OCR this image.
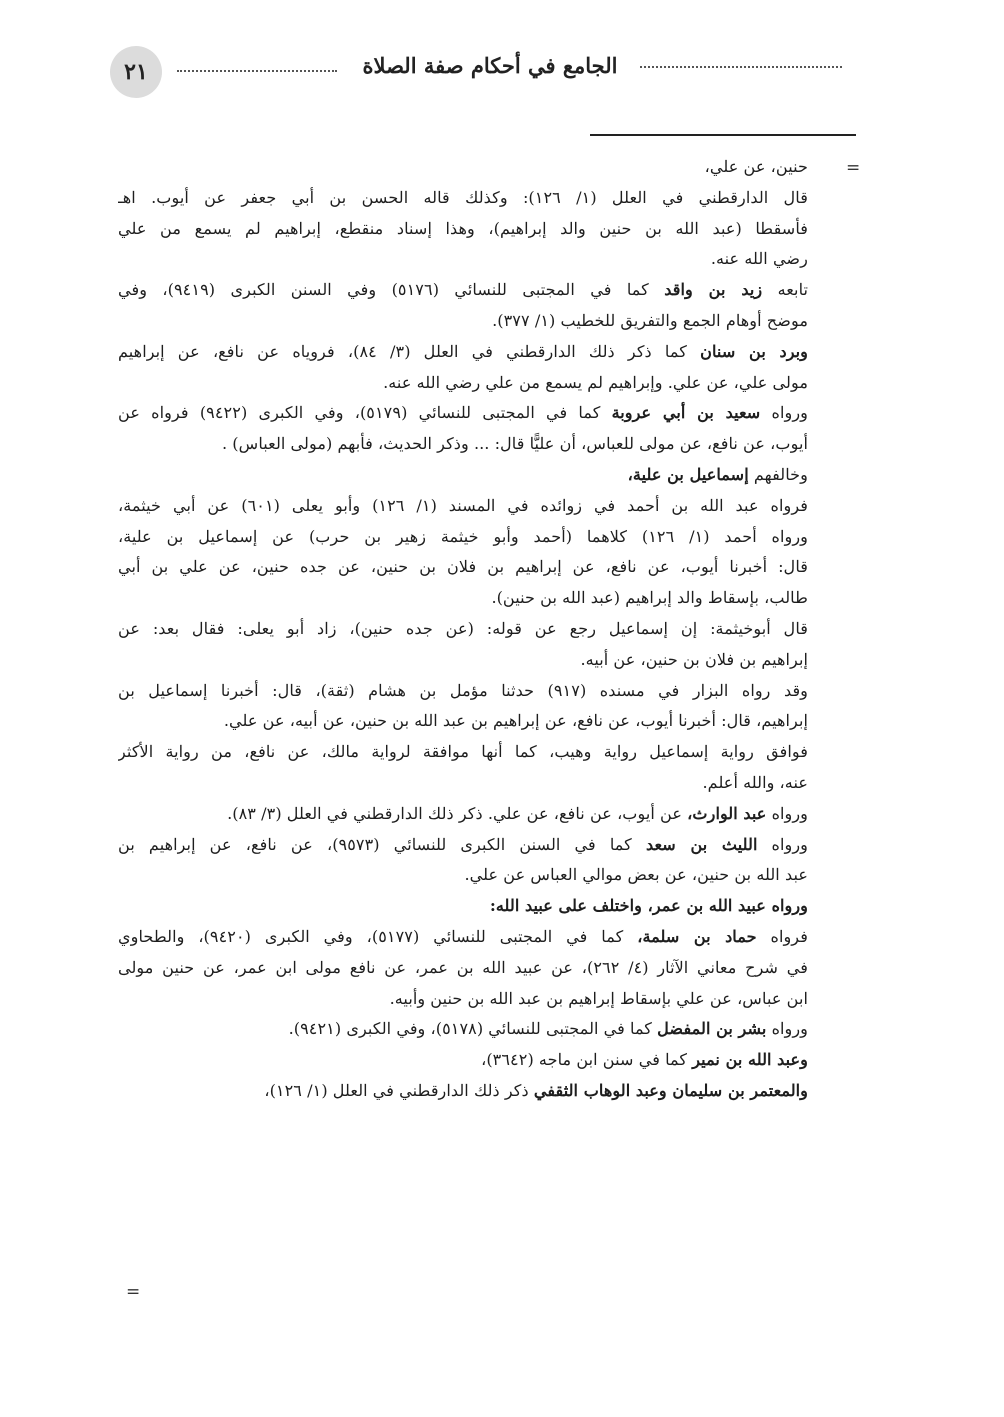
٢١	الجامع في أحكام صفة الصلاة
=
=
حنين، عن علي،
قال الدارقطني في العلل (١/ ١٢٦): وكذلك قاله الحسن بن أبي جعفر عن أيوب. اهـ
فأسقطا (عبد الله بن حنين والد إبراهيم)، وهذا إسناد منقطع، إبراهيم لم يسمع من علي
رضي الله عنه.
تابعه زيد بن واقد كما في المجتبى للنسائي (٥١٧٦) وفي السنن الكبرى (٩٤١٩)، وفي
موضح أوهام الجمع والتفريق للخطيب (١/ ٣٧٧).
وبرد بن سنان كما ذكر ذلك الدارقطني في العلل (٣/ ٨٤)، فروياه عن نافع، عن إبراهيم
مولى علي، عن علي. وإبراهيم لم يسمع من علي رضي الله عنه.
ورواه سعيد بن أبي عروبة كما في المجتبى للنسائي (٥١٧٩)، وفي الكبرى (٩٤٢٢) فرواه عن
أيوب، عن نافع، عن مولى للعباس، أن عليًّا قال: ... وذكر الحديث، فأبهم (مولى العباس) .
وخالفهم إسماعيل بن علية،
فرواه عبد الله بن أحمد في زوائده في المسند (١/ ١٢٦) وأبو يعلى (٦٠١) عن أبي خيثمة،
ورواه أحمد (١/ ١٢٦) كلاهما (أحمد وأبو خيثمة زهير بن حرب) عن إسماعيل بن علية،
قال: أخبرنا أيوب، عن نافع، عن إبراهيم بن فلان بن حنين، عن جده حنين، عن علي بن أبي
طالب، بإسقاط والد إبراهيم (عبد الله بن حنين).
قال أبوخيثمة: إن إسماعيل رجع عن قوله: (عن جده حنين)، زاد أبو يعلى: فقال بعد: عن
إبراهيم بن فلان بن حنين، عن أبيه.
وقد رواه البزار في مسنده (٩١٧) حدثنا مؤمل بن هشام (ثقة)، قال: أخبرنا إسماعيل بن
إبراهيم، قال: أخبرنا أيوب، عن نافع، عن إبراهيم بن عبد الله بن حنين، عن أبيه، عن علي.
فوافق رواية إسماعيل رواية وهيب، كما أنها موافقة لرواية مالك، عن نافع، من رواية الأكثر
عنه، والله أعلم.
ورواه عبد الوارث، عن أيوب، عن نافع، عن علي. ذكر ذلك الدارقطني في العلل (٣/ ٨٣).
ورواه الليث بن سعد كما في السنن الكبرى للنسائي (٩٥٧٣)، عن نافع، عن إبراهيم بن
عبد الله بن حنين، عن بعض موالي العباس عن علي.
ورواه عبيد الله بن عمر، واختلف على عبيد الله:
فرواه حماد بن سلمة، كما في المجتبى للنسائي (٥١٧٧)، وفي الكبرى (٩٤٢٠)، والطحاوي
في شرح معاني الآثار (٤/ ٢٦٢)، عن عبيد الله بن عمر، عن نافع مولى ابن عمر، عن حنين مولى
ابن عباس، عن علي بإسقاط إبراهيم بن عبد الله بن حنين وأبيه.
ورواه بشر بن المفضل كما في المجتبى للنسائي (٥١٧٨)، وفي الكبرى (٩٤٢١).
وعبد الله بن نمير كما في سنن ابن ماجه (٣٦٤٢)،
والمعتمر بن سليمان وعبد الوهاب الثقفي ذكر ذلك الدارقطني في العلل (١/ ١٢٦)،
